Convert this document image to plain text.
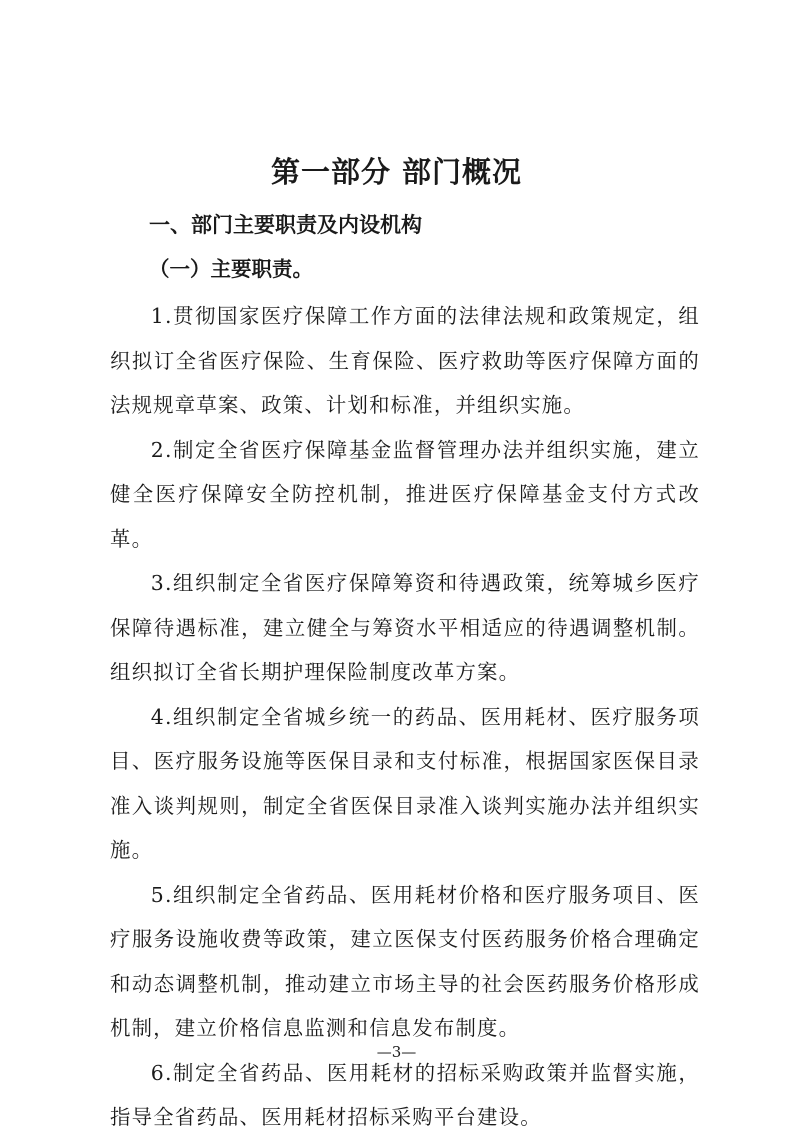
第一部分 部门概况
一、部门主要职责及内设机构
（一）主要职责。

1.贯彻国家医疗保障工作方面的法律法规和政策规定，组织拟订全省医疗保险、生育保险、医疗救助等医疗保障方面的法规规章草案、政策、计划和标准，并组织实施。

2.制定全省医疗保障基金监督管理办法并组织实施，建立健全医疗保障安全防控机制，推进医疗保障基金支付方式改革。

3.组织制定全省医疗保障筹资和待遇政策，统筹城乡医疗保障待遇标准，建立健全与筹资水平相适应的待遇调整机制。组织拟订全省长期护理保险制度改革方案。

4.组织制定全省城乡统一的药品、医用耗材、医疗服务项目、医疗服务设施等医保目录和支付标准，根据国家医保目录准入谈判规则，制定全省医保目录准入谈判实施办法并组织实施。

5.组织制定全省药品、医用耗材价格和医疗服务项目、医疗服务设施收费等政策，建立医保支付医药服务价格合理确定和动态调整机制，推动建立市场主导的社会医药服务价格形成机制，建立价格信息监测和信息发布制度。

6.制定全省药品、医用耗材的招标采购政策并监督实施，指导全省药品、医用耗材招标采购平台建设。

—3—
